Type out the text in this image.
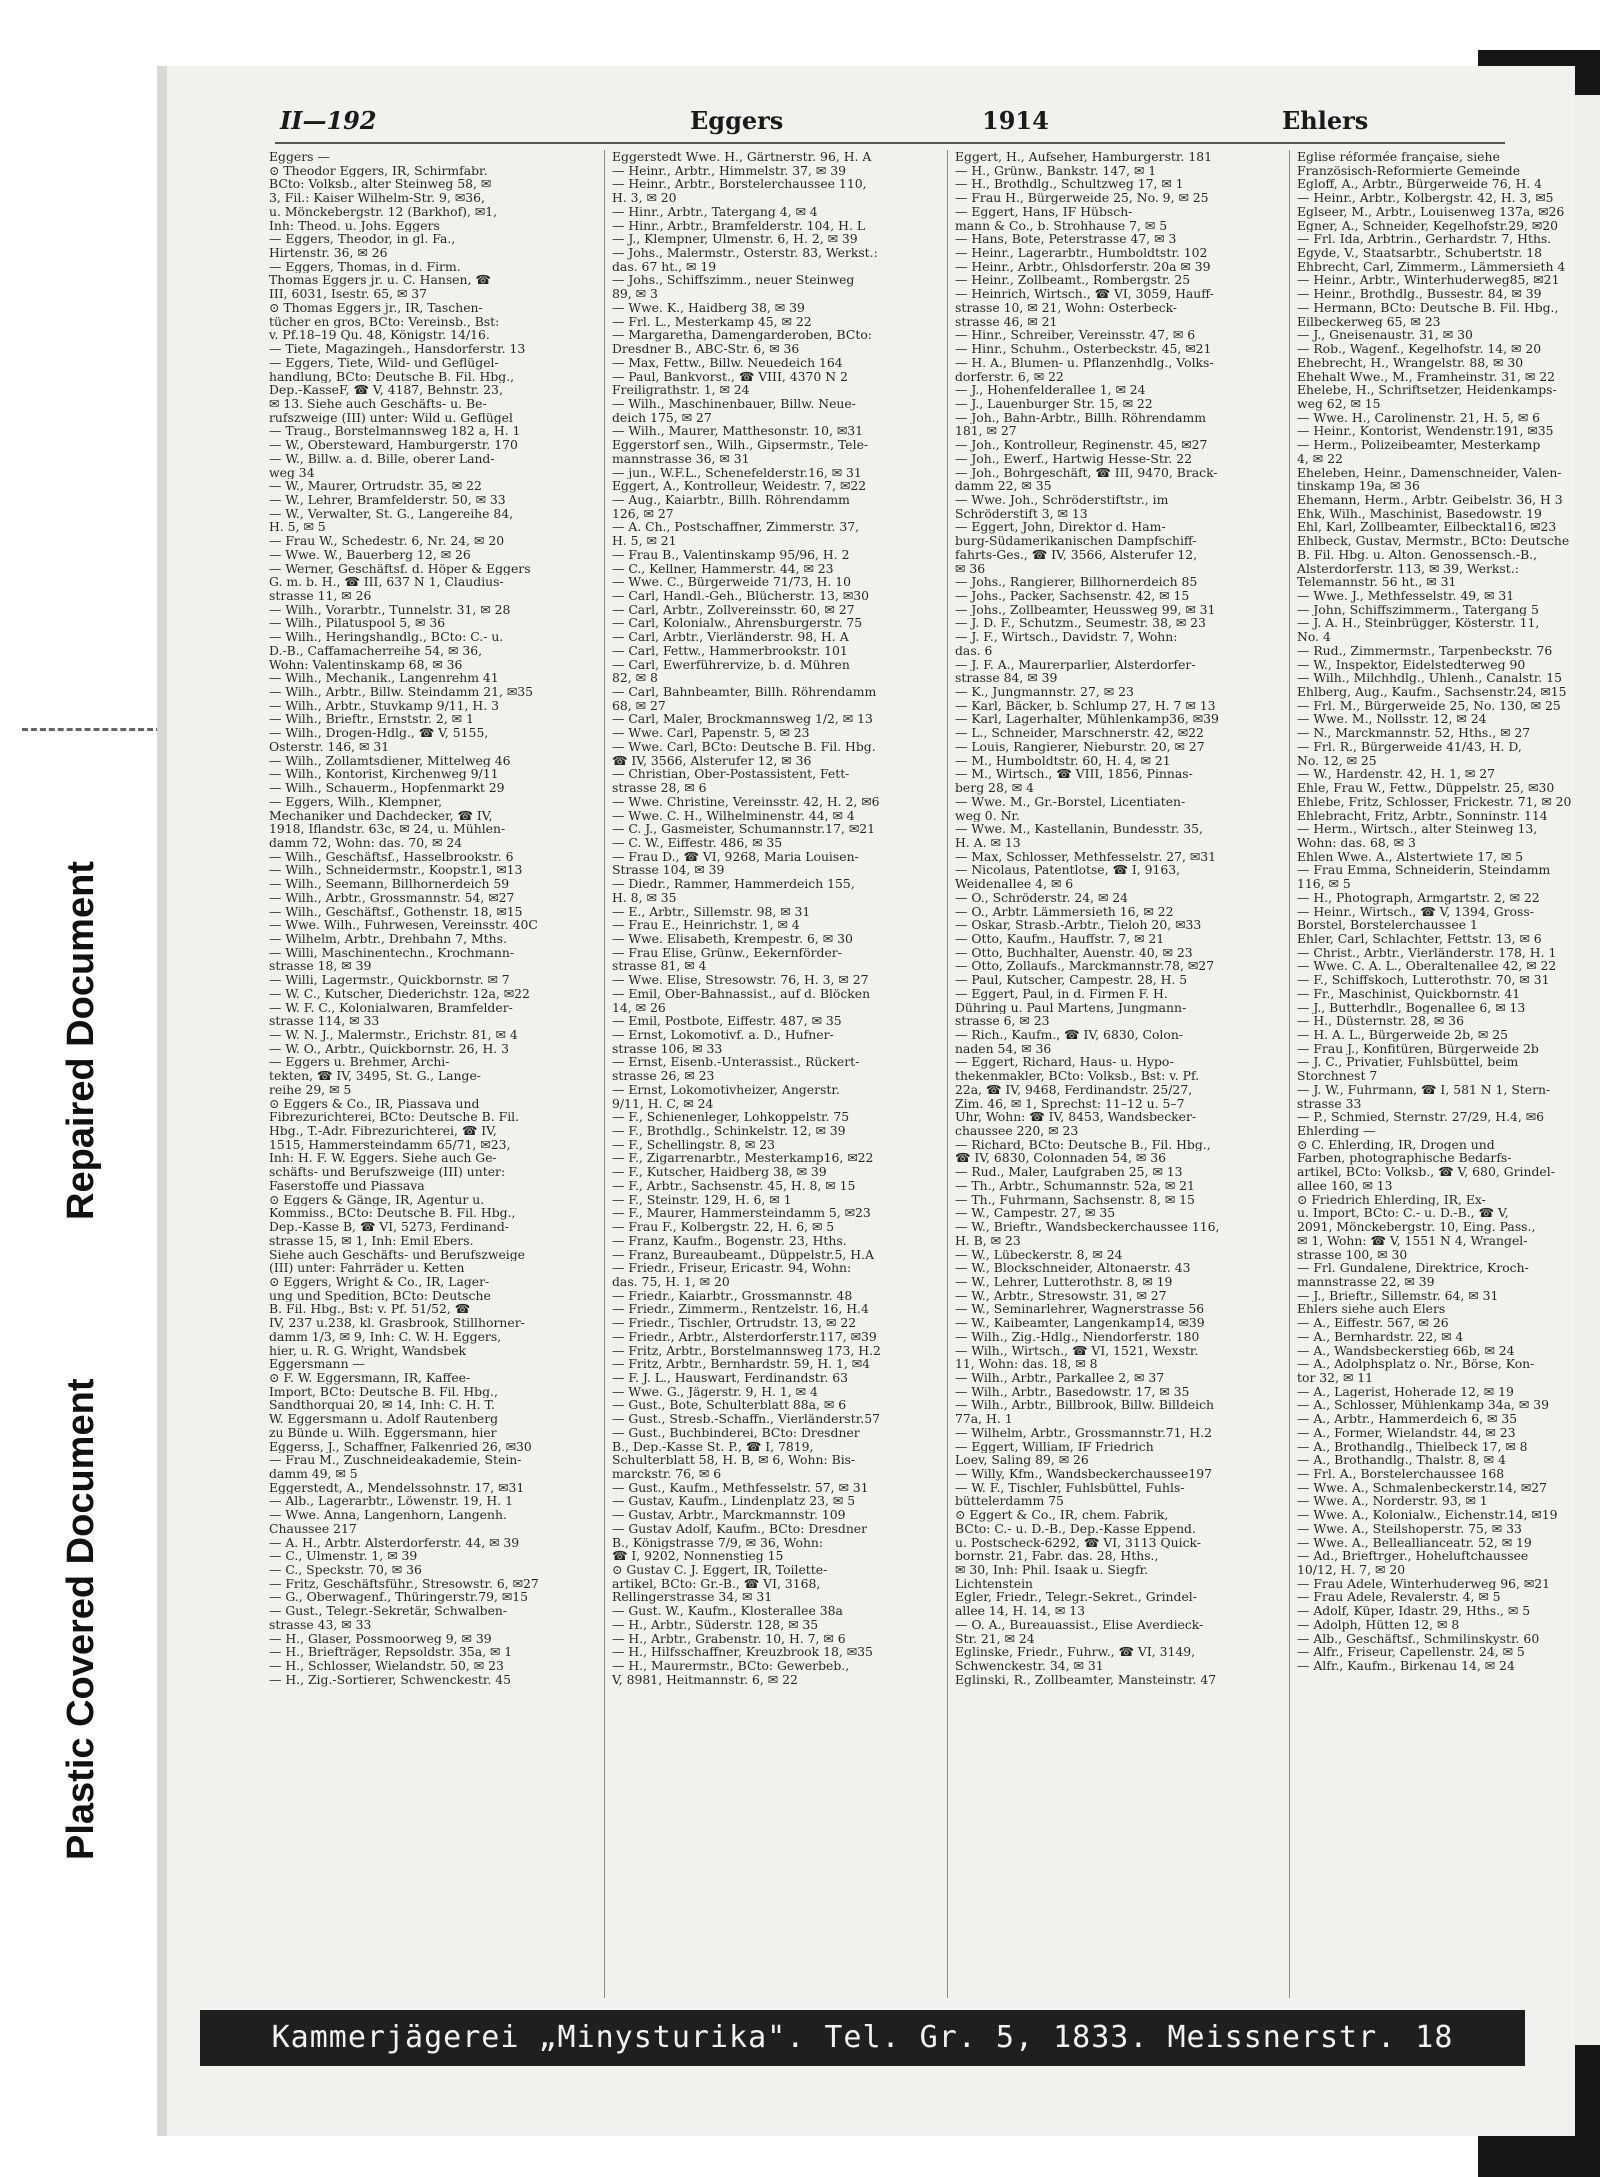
Repaired Document
Plastic Covered Document
II—192	Eggers	1914	Ehlers
Eggers —
⊙ Theodor Eggers, IR, Schirmfabr.
BCto: Volksb., alter Steinweg 58, ✉
3, Fil.: Kaiser Wilhelm-Str. 9, ✉36,
u. Mönckebergstr. 12 (Barkhof), ✉1,
Inh: Theod. u. Johs. Eggers
— Eggers, Theodor, in gl. Fa.,
Hirtenstr. 36, ✉ 26
— Eggers, Thomas, in d. Firm.
Thomas Eggers jr. u. C. Hansen, ☎
III, 6031, Isestr. 65, ✉ 37
⊙ Thomas Eggers jr., IR, Taschen-
tücher en gros, BCto: Vereinsb., Bst:
v. Pf.18–19 Qu. 48, Königstr. 14/16.
— Tiete, Magazingeh., Hansdorferstr. 13
— Eggers, Tiete, Wild- und Geflügel-
handlung, BCto: Deutsche B. Fil. Hbg.,
Dep.-KasseF, ☎ V, 4187, Behnstr. 23,
✉ 13. Siehe auch Geschäfts- u. Be-
rufszweige (III) unter: Wild u. Geflügel
— Traug., Borstelmannsweg 182 a, H. 1
— W., Obersteward, Hamburgerstr. 170
— W., Billw. a. d. Bille, oberer Land-
weg 34
— W., Maurer, Ortrudstr. 35, ✉ 22
— W., Lehrer, Bramfelderstr. 50, ✉ 33
— W., Verwalter, St. G., Langereihe 84,
H. 5, ✉ 5
— Frau W., Schedestr. 6, Nr. 24, ✉ 20
— Wwe. W., Bauerberg 12, ✉ 26
— Werner, Geschäftsf. d. Höper & Eggers
G. m. b. H., ☎ III, 637 N 1, Claudius-
strasse 11, ✉ 26
— Wilh., Vorarbtr., Tunnelstr. 31, ✉ 28
— Wilh., Pilatuspool 5, ✉ 36
— Wilh., Heringshandlg., BCto: C.- u.
D.-B., Caffamacherreihe 54, ✉ 36,
Wohn: Valentinskamp 68, ✉ 36
— Wilh., Mechanik., Langenrehm 41
— Wilh., Arbtr., Billw. Steindamm 21, ✉35
— Wilh., Arbtr., Stuvkamp 9/11, H. 3
— Wilh., Brieftr., Ernststr. 2, ✉ 1
— Wilh., Drogen-Hdlg., ☎ V, 5155,
Osterstr. 146, ✉ 31
— Wilh., Zollamtsdiener, Mittelweg 46
— Wilh., Kontorist, Kirchenweg 9/11
— Wilh., Schauerm., Hopfenmarkt 29
— Eggers, Wilh., Klempner,
Mechaniker und Dachdecker, ☎ IV,
1918, Iflandstr. 63c, ✉ 24, u. Mühlen-
damm 72, Wohn: das. 70, ✉ 24
— Wilh., Geschäftsf., Hasselbrookstr. 6
— Wilh., Schneidermstr., Koopstr.1, ✉13
— Wilh., Seemann, Billhornerdeich 59
— Wilh., Arbtr., Grossmannstr. 54, ✉27
— Wilh., Geschäftsf., Gothenstr. 18, ✉15
— Wwe. Wilh., Fuhrwesen, Vereinsstr. 40C
— Wilhelm, Arbtr., Drehbahn 7, Mths.
— Willi, Maschinentechn., Krochmann-
strasse 18, ✉ 39
— Willi, Lagermstr., Quickbornstr. ✉ 7
— W. C., Kutscher, Diederichstr. 12a, ✉22
— W. F. C., Kolonialwaren, Bramfelder-
strasse 114, ✉ 33
— W. N. J., Malermstr., Erichstr. 81, ✉ 4
— W. O., Arbtr., Quickbornstr. 26, H. 3
— Eggers u. Brehmer, Archi-
tekten, ☎ IV, 3495, St. G., Lange-
reihe 29, ✉ 5
⊙ Eggers & Co., IR, Piassava und
Fibrezurichterei, BCto: Deutsche B. Fil.
Hbg., T.-Adr. Fibrezurichterei, ☎ IV,
1515, Hammersteindamm 65/71, ✉23,
Inh: H. F. W. Eggers. Siehe auch Ge-
schäfts- und Berufszweige (III) unter:
Faserstoffe und Piassava
⊙ Eggers & Gänge, IR, Agentur u.
Kommiss., BCto: Deutsche B. Fil. Hbg.,
Dep.-Kasse B, ☎ VI, 5273, Ferdinand-
strasse 15, ✉ 1, Inh: Emil Ebers.
Siehe auch Geschäfts- und Berufszweige
(III) unter: Fahrräder u. Ketten
⊙ Eggers, Wright & Co., IR, Lager-
ung und Spedition, BCto: Deutsche
B. Fil. Hbg., Bst: v. Pf. 51/52, ☎
IV, 237 u.238, kl. Grasbrook, Stillhorner-
damm 1/3, ✉ 9, Inh: C. W. H. Eggers,
hier, u. R. G. Wright, Wandsbek
Eggersmann —
⊙ F. W. Eggersmann, IR, Kaffee-
Import, BCto: Deutsche B. Fil. Hbg.,
Sandthorquai 20, ✉ 14, Inh: C. H. T.
W. Eggersmann u. Adolf Rautenberg
zu Bünde u. Wilh. Eggersmann, hier
Eggerss, J., Schaffner, Falkenried 26, ✉30
— Frau M., Zuschneideakademie, Stein-
damm 49, ✉ 5
Eggerstedt, A., Mendelssohnstr. 17, ✉31
— Alb., Lagerarbtr., Löwenstr. 19, H. 1
— Wwe. Anna, Langenhorn, Langenh.
Chaussee 217
— A. H., Arbtr. Alsterdorferstr. 44, ✉ 39
— C., Ulmenstr. 1, ✉ 39
— C., Speckstr. 70, ✉ 36
— Fritz, Geschäftsführ., Stresowstr. 6, ✉27
— G., Oberwagenf., Thüringerstr.79, ✉15
— Gust., Telegr.-Sekretär, Schwalben-
strasse 43, ✉ 33
— H., Glaser, Possmoorweg 9, ✉ 39
— H., Briefträger, Repsoldstr. 35a, ✉ 1
— H., Schlosser, Wielandstr. 50, ✉ 23
— H., Zig.-Sortierer, Schwenckestr. 45
Eggerstedt Wwe. H., Gärtnerstr. 96, H. A
— Heinr., Arbtr., Himmelstr. 37, ✉ 39
— Heinr., Arbtr., Borstelerchaussee 110,
H. 3, ✉ 20
— Hinr., Arbtr., Tatergang 4, ✉ 4
— Hinr., Arbtr., Bramfelderstr. 104, H. L
— J., Klempner, Ulmenstr. 6, H. 2, ✉ 39
— Johs., Malermstr., Osterstr. 83, Werkst.:
das. 67 ht., ✉ 19
— Johs., Schiffszimm., neuer Steinweg
89, ✉ 3
— Wwe. K., Haidberg 38, ✉ 39
— Frl. L., Mesterkamp 45, ✉ 22
— Margaretha, Damengarderoben, BCto:
Dresdner B., ABC-Str. 6, ✉ 36
— Max, Fettw., Billw. Neuedeich 164
— Paul, Bankvorst., ☎ VIII, 4370 N 2
Freiligrathstr. 1, ✉ 24
— Wilh., Maschinenbauer, Billw. Neue-
deich 175, ✉ 27
— Wilh., Maurer, Matthesonstr. 10, ✉31
Eggerstorf sen., Wilh., Gipsermstr., Tele-
mannstrasse 36, ✉ 31
— jun., W.F.L., Schenefelderstr.16, ✉ 31
Eggert, A., Kontrolleur, Weidestr. 7, ✉22
— Aug., Kaiarbtr., Billh. Röhrendamm
126, ✉ 27
— A. Ch., Postschaffner, Zimmerstr. 37,
H. 5, ✉ 21
— Frau B., Valentinskamp 95/96, H. 2
— C., Kellner, Hammerstr. 44, ✉ 23
— Wwe. C., Bürgerweide 71/73, H. 10
— Carl, Handl.-Geh., Blücherstr. 13, ✉30
— Carl, Arbtr., Zollvereinsstr. 60, ✉ 27
— Carl, Kolonialw., Ahrensburgerstr. 75
— Carl, Arbtr., Vierländerstr. 98, H. A
— Carl, Fettw., Hammerbrookstr. 101
— Carl, Ewerführervize, b. d. Mühren
82, ✉ 8
— Carl, Bahnbeamter, Billh. Röhrendamm
68, ✉ 27
— Carl, Maler, Brockmannsweg 1/2, ✉ 13
— Wwe. Carl, Papenstr. 5, ✉ 23
— Wwe. Carl, BCto: Deutsche B. Fil. Hbg.
☎ IV, 3566, Alsterufer 12, ✉ 36
— Christian, Ober-Postassistent, Fett-
strasse 28, ✉ 6
— Wwe. Christine, Vereinsstr. 42, H. 2, ✉6
— Wwe. C. H., Wilhelminenstr. 44, ✉ 4
— C. J., Gasmeister, Schumannstr.17, ✉21
— C. W., Eiffestr. 486, ✉ 35
— Frau D., ☎ VI, 9268, Maria Louisen-
Strasse 104, ✉ 39
— Diedr., Rammer, Hammerdeich 155,
H. 8, ✉ 35
— E., Arbtr., Sillemstr. 98, ✉ 31
— Frau E., Heinrichstr. 1, ✉ 4
— Wwe. Elisabeth, Krempestr. 6, ✉ 30
— Frau Elise, Grünw., Eekernförder-
strasse 81, ✉ 4
— Wwe. Elise, Stresowstr. 76, H. 3, ✉ 27
— Emil, Ober-Bahnassist., auf d. Blöcken
14, ✉ 26
— Emil, Postbote, Eiffestr. 487, ✉ 35
— Ernst, Lokomotivf. a. D., Hufner-
strasse 106, ✉ 33
— Ernst, Eisenb.-Unterassist., Rückert-
strasse 26, ✉ 23
— Ernst, Lokomotivheizer, Angerstr.
9/11, H. C, ✉ 24
— F., Schienenleger, Lohkoppelstr. 75
— F., Brothdlg., Schinkelstr. 12, ✉ 39
— F., Schellingstr. 8, ✉ 23
— F., Zigarrenarbtr., Mesterkamp16, ✉22
— F., Kutscher, Haidberg 38, ✉ 39
— F., Arbtr., Sachsenstr. 45, H. 8, ✉ 15
— F., Steinstr. 129, H. 6, ✉ 1
— F., Maurer, Hammersteindamm 5, ✉23
— Frau F., Kolbergstr. 22, H. 6, ✉ 5
— Franz, Kaufm., Bogenstr. 23, Hths.
— Franz, Bureaubeamt., Düppelstr.5, H.A
— Friedr., Friseur, Ericastr. 94, Wohn:
das. 75, H. 1, ✉ 20
— Friedr., Kaiarbtr., Grossmannstr. 48
— Friedr., Zimmerm., Rentzelstr. 16, H.4
— Friedr., Tischler, Ortrudstr. 13, ✉ 22
— Friedr., Arbtr., Alsterdorferstr.117, ✉39
— Fritz, Arbtr., Borstelmannsweg 173, H.2
— Fritz, Arbtr., Bernhardstr. 59, H. 1, ✉4
— F. J. L., Hauswart, Ferdinandstr. 63
— Wwe. G., Jägerstr. 9, H. 1, ✉ 4
— Gust., Bote, Schulterblatt 88a, ✉ 6
— Gust., Stresb.-Schaffn., Vierländerstr.57
— Gust., Buchbinderei, BCto: Dresdner
B., Dep.-Kasse St. P., ☎ I, 7819,
Schulterblatt 58, H. B, ✉ 6, Wohn: Bis-
marckstr. 76, ✉ 6
— Gust., Kaufm., Methfesselstr. 57, ✉ 31
— Gustav, Kaufm., Lindenplatz 23, ✉ 5
— Gustav, Arbtr., Marckmannstr. 109
— Gustav Adolf, Kaufm., BCto: Dresdner
B., Königstrasse 7/9, ✉ 36, Wohn:
☎ I, 9202, Nonnenstieg 15
⊙ Gustav C. J. Eggert, IR, Toilette-
artikel, BCto: Gr.-B., ☎ VI, 3168,
Rellingerstrasse 34, ✉ 31
— Gust. W., Kaufm., Klosterallee 38a
— H., Arbtr., Süderstr. 128, ✉ 35
— H., Arbtr., Grabenstr. 10, H. 7, ✉ 6
— H., Hilfsschaffner, Kreuzbrook 18, ✉35
— H., Maurermstr., BCto: Gewerbeb.,
V, 8981, Heitmannstr. 6, ✉ 22
Eggert, H., Aufseher, Hamburgerstr. 181
— H., Grünw., Bankstr. 147, ✉ 1
— H., Brothdlg., Schultzweg 17, ✉ 1
— Frau H., Bürgerweide 25, No. 9, ✉ 25
— Eggert, Hans, IF Hübsch-
mann & Co., b. Strohhause 7, ✉ 5
— Hans, Bote, Peterstrasse 47, ✉ 3
— Heinr., Lagerarbtr., Humboldtstr. 102
— Heinr., Arbtr., Ohlsdorferstr. 20a ✉ 39
— Heinr., Zollbeamt., Rombergstr. 25
— Heinrich, Wirtsch., ☎ VI, 3059, Hauff-
strasse 10, ✉ 21, Wohn: Osterbeck-
strasse 46, ✉ 21
— Hinr., Schreiber, Vereinsstr. 47, ✉ 6
— Hinr., Schuhm., Osterbeckstr. 45, ✉21
— H. A., Blumen- u. Pflanzenhdlg., Volks-
dorferstr. 6, ✉ 22
— J., Hohenfelderallee 1, ✉ 24
— J., Lauenburger Str. 15, ✉ 22
— Joh., Bahn-Arbtr., Billh. Röhrendamm
181, ✉ 27
— Joh., Kontrolleur, Reginenstr. 45, ✉27
— Joh., Ewerf., Hartwig Hesse-Str. 22
— Joh., Bohrgeschäft, ☎ III, 9470, Brack-
damm 22, ✉ 35
— Wwe. Joh., Schröderstiftstr., im
Schröderstift 3, ✉ 13
— Eggert, John, Direktor d. Ham-
burg-Südamerikanischen Dampfschiff-
fahrts-Ges., ☎ IV, 3566, Alsterufer 12,
✉ 36
— Johs., Rangierer, Billhornerdeich 85
— Johs., Packer, Sachsenstr. 42, ✉ 15
— Johs., Zollbeamter, Heussweg 99, ✉ 31
— J. D. F., Schutzm., Seumestr. 38, ✉ 23
— J. F., Wirtsch., Davidstr. 7, Wohn:
das. 6
— J. F. A., Maurerparlier, Alsterdorfer-
strasse 84, ✉ 39
— K., Jungmannstr. 27, ✉ 23
— Karl, Bäcker, b. Schlump 27, H. 7 ✉ 13
— Karl, Lagerhalter, Mühlenkamp36, ✉39
— L., Schneider, Marschnerstr. 42, ✉22
— Louis, Rangierer, Nieburstr. 20, ✉ 27
— M., Humboldtstr. 60, H. 4, ✉ 21
— M., Wirtsch., ☎ VIII, 1856, Pinnas-
berg 28, ✉ 4
— Wwe. M., Gr.-Borstel, Licentiaten-
weg 0. Nr.
— Wwe. M., Kastellanin, Bundesstr. 35,
H. A. ✉ 13
— Max, Schlosser, Methfesselstr. 27, ✉31
— Nicolaus, Patentlotse, ☎ I, 9163,
Weidenallee 4, ✉ 6
— O., Schröderstr. 24, ✉ 24
— O., Arbtr. Lämmersieth 16, ✉ 22
— Oskar, Strasb.-Arbtr., Tieloh 20, ✉33
— Otto, Kaufm., Hauffstr. 7, ✉ 21
— Otto, Buchhalter, Auenstr. 40, ✉ 23
— Otto, Zollaufs., Marckmannstr.78, ✉27
— Paul, Kutscher, Campestr. 28, H. 5
— Eggert, Paul, in d. Firmen F. H.
Dühring u. Paul Martens, Jungmann-
strasse 6, ✉ 23
— Rich., Kaufm., ☎ IV, 6830, Colon-
naden 54, ✉ 36
— Eggert, Richard, Haus- u. Hypo-
thekenmakler, BCto: Volksb., Bst: v. Pf.
22a, ☎ IV, 9468, Ferdinandstr. 25/27,
Zim. 46, ✉ 1, Sprechst: 11–12 u. 5–7
Uhr, Wohn: ☎ IV, 8453, Wandsbecker-
chaussee 220, ✉ 23
— Richard, BCto: Deutsche B., Fil. Hbg.,
☎ IV, 6830, Colonnaden 54, ✉ 36
— Rud., Maler, Laufgraben 25, ✉ 13
— Th., Arbtr., Schumannstr. 52a, ✉ 21
— Th., Fuhrmann, Sachsenstr. 8, ✉ 15
— W., Campestr. 27, ✉ 35
— W., Brieftr., Wandsbeckerchaussee 116,
H. B, ✉ 23
— W., Lübeckerstr. 8, ✉ 24
— W., Blockschneider, Altonaerstr. 43
— W., Lehrer, Lutterothstr. 8, ✉ 19
— W., Arbtr., Stresowstr. 31, ✉ 27
— W., Seminarlehrer, Wagnerstrasse 56
— W., Kaibeamter, Langenkamp14, ✉39
— Wilh., Zig.-Hdlg., Niendorferstr. 180
— Wilh., Wirtsch., ☎ VI, 1521, Wexstr.
11, Wohn: das. 18, ✉ 8
— Wilh., Arbtr., Parkallee 2, ✉ 37
— Wilh., Arbtr., Basedowstr. 17, ✉ 35
— Wilh., Arbtr., Billbrook, Billw. Billdeich
77a, H. 1
— Wilhelm, Arbtr., Grossmannstr.71, H.2
— Eggert, William, IF Friedrich
Loev, Saling 89, ✉ 26
— Willy, Kfm., Wandsbeckerchaussee197
— W. F., Tischler, Fuhlsbüttel, Fuhls-
büttelerdamm 75
⊙ Eggert & Co., IR, chem. Fabrik,
BCto: C.- u. D.-B., Dep.-Kasse Eppend.
u. Postscheck-6292, ☎ VI, 3113 Quick-
bornstr. 21, Fabr. das. 28, Hths.,
✉ 30, Inh: Phil. Isaak u. Siegfr.
Lichtenstein
Egler, Friedr., Telegr.-Sekret., Grindel-
allee 14, H. 14, ✉ 13
— O. A., Bureauassist., Elise Averdieck-
Str. 21, ✉ 24
Eglinske, Friedr., Fuhrw., ☎ VI, 3149,
Schwenckestr. 34, ✉ 31
Eglinski, R., Zollbeamter, Mansteinstr. 47
Eglise réformée française, siehe
Französisch-Reformierte Gemeinde
Egloff, A., Arbtr., Bürgerweide 76, H. 4
— Heinr., Arbtr., Kolbergstr. 42, H. 3, ✉5
Eglseer, M., Arbtr., Louisenweg 137a, ✉26
Egner, A., Schneider, Kegelhofstr.29, ✉20
— Frl. Ida, Arbtrin., Gerhardstr. 7, Hths.
Egyde, V., Staatsarbtr., Schubertstr. 18
Ehbrecht, Carl, Zimmerm., Lämmersieth 4
— Heinr., Arbtr., Winterhuderweg85, ✉21
— Heinr., Brothdlg., Bussestr. 84, ✉ 39
— Hermann, BCto: Deutsche B. Fil. Hbg.,
Eilbeckerweg 65, ✉ 23
— J., Gneisenaustr. 31, ✉ 30
— Rob., Wagenf., Kegelhofstr. 14, ✉ 20
Ehebrecht, H., Wrangelstr. 88, ✉ 30
Ehehalt Wwe., M., Framheinstr. 31, ✉ 22
Ehelebe, H., Schriftsetzer, Heidenkamps-
weg 62, ✉ 15
— Wwe. H., Carolinenstr. 21, H. 5, ✉ 6
— Heinr., Kontorist, Wendenstr.191, ✉35
— Herm., Polizeibeamter, Mesterkamp
4, ✉ 22
Eheleben, Heinr., Damenschneider, Valen-
tinskamp 19a, ✉ 36
Ehemann, Herm., Arbtr. Geibelstr. 36, H 3
Ehk, Wilh., Maschinist, Basedowstr. 19
Ehl, Karl, Zollbeamter, Eilbecktal16, ✉23
Ehlbeck, Gustav, Mermstr., BCto: Deutsche
B. Fil. Hbg. u. Alton. Genossensch.-B.,
Alsterdorferstr. 113, ✉ 39, Werkst.:
Telemannstr. 56 ht., ✉ 31
— Wwe. J., Methfesselstr. 49, ✉ 31
— John, Schiffszimmerm., Tatergang 5
— J. A. H., Steinbrügger, Kösterstr. 11,
No. 4
— Rud., Zimmermstr., Tarpenbeckstr. 76
— W., Inspektor, Eidelstedterweg 90
— Wilh., Milchhdlg., Uhlenh., Canalstr. 15
Ehlberg, Aug., Kaufm., Sachsenstr.24, ✉15
— Frl. M., Bürgerweide 25, No. 130, ✉ 25
— Wwe. M., Nollsstr. 12, ✉ 24
— N., Marckmannstr. 52, Hths., ✉ 27
— Frl. R., Bürgerweide 41/43, H. D,
No. 12, ✉ 25
— W., Hardenstr. 42, H. 1, ✉ 27
Ehle, Frau W., Fettw., Düppelstr. 25, ✉30
Ehlebe, Fritz, Schlosser, Frickestr. 71, ✉ 20
Ehlebracht, Fritz, Arbtr., Sonninstr. 114
— Herm., Wirtsch., alter Steinweg 13,
Wohn: das. 68, ✉ 3
Ehlen Wwe. A., Alstertwiete 17, ✉ 5
— Frau Emma, Schneiderin, Steindamm
116, ✉ 5
— H., Photograph, Armgartstr. 2, ✉ 22
— Heinr., Wirtsch., ☎ V, 1394, Gross-
Borstel, Borstelerchaussee 1
Ehler, Carl, Schlachter, Fettstr. 13, ✉ 6
— Christ., Arbtr., Vierländerstr. 178, H. 1
— Wwe. C. A. L., Oberaltenallee 42, ✉ 22
— F., Schiffskoch, Lutterothstr. 70, ✉ 31
— Fr., Maschinist, Quickbornstr. 41
— J., Butterhdlr., Bogenallee 6, ✉ 13
— H., Düsternstr. 28, ✉ 36
— H. A. L., Bürgerweide 2b, ✉ 25
— Frau J., Konfitüren, Bürgerweide 2b
— J. C., Privatier, Fuhlsbüttel, beim
Storchnest 7
— J. W., Fuhrmann, ☎ I, 581 N 1, Stern-
strasse 33
— P., Schmied, Sternstr. 27/29, H.4, ✉6
Ehlerding —
⊙ C. Ehlerding, IR, Drogen und
Farben, photographische Bedarfs-
artikel, BCto: Volksb., ☎ V, 680, Grindel-
allee 160, ✉ 13
⊙ Friedrich Ehlerding, IR, Ex-
u. Import, BCto: C.- u. D.-B., ☎ V,
2091, Mönckebergstr. 10, Eing. Pass.,
✉ 1, Wohn: ☎ V, 1551 N 4, Wrangel-
strasse 100, ✉ 30
— Frl. Gundalene, Direktrice, Kroch-
mannstrasse 22, ✉ 39
— J., Brieftr., Sillemstr. 64, ✉ 31
Ehlers siehe auch Elers
— A., Eiffestr. 567, ✉ 26
— A., Bernhardstr. 22, ✉ 4
— A., Wandsbeckerstieg 66b, ✉ 24
— A., Adolphsplatz o. Nr., Börse, Kon-
tor 32, ✉ 11
— A., Lagerist, Hoherade 12, ✉ 19
— A., Schlosser, Mühlenkamp 34a, ✉ 39
— A., Arbtr., Hammerdeich 6, ✉ 35
— A., Former, Wielandstr. 44, ✉ 23
— A., Brothandlg., Thielbeck 17, ✉ 8
— A., Brothandlg., Thalstr. 8, ✉ 4
— Frl. A., Borstelerchaussee 168
— Wwe. A., Schmalenbeckerstr.14, ✉27
— Wwe. A., Norderstr. 93, ✉ 1
— Wwe. A., Kolonialw., Eichenstr.14, ✉19
— Wwe. A., Steilshoperstr. 75, ✉ 33
— Wwe. A., Belleallianceatr. 52, ✉ 19
— Ad., Brieftrger., Hoheluftchaussee
10/12, H. 7, ✉ 20
— Frau Adele, Winterhuderweg 96, ✉21
— Frau Adele, Revalerstr. 4, ✉ 5
— Adolf, Küper, Idastr. 29, Hths., ✉ 5
— Adolph, Hütten 12, ✉ 8
— Alb., Geschäftsf., Schmilinskystr. 60
— Alfr., Friseur, Capellenstr. 24, ✉ 5
— Alfr., Kaufm., Birkenau 14, ✉ 24
Kammerjägerei „Minysturika". Tel. Gr. 5, 1833. Meissnerstr. 18
